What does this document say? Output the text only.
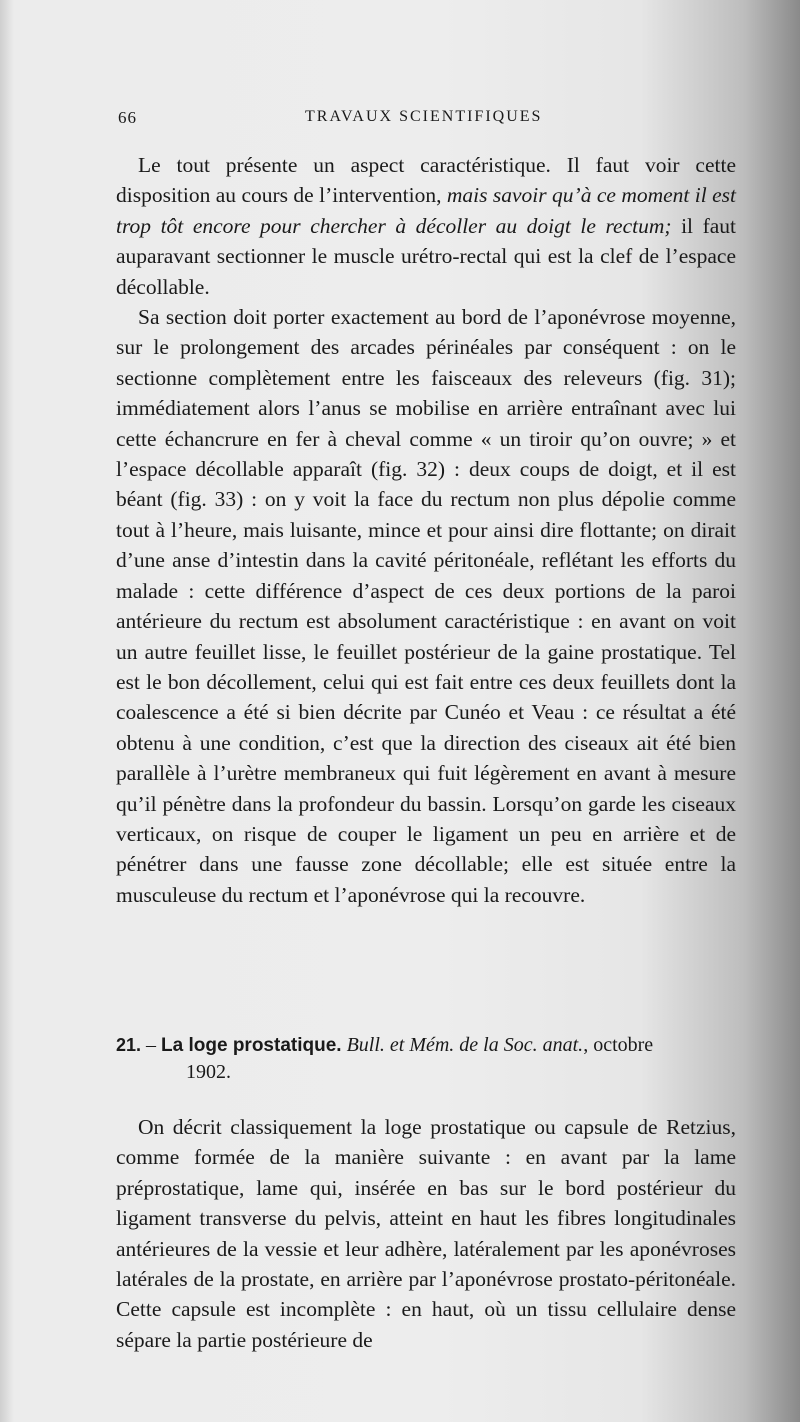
66	TRAVAUX SCIENTIFIQUES

Le tout présente un aspect caractéristique. Il faut voir cette disposition au cours de l’intervention, mais savoir qu’à ce moment il est trop tôt encore pour chercher à décoller au doigt le rectum; il faut auparavant sectionner le muscle urétro-rectal qui est la clef de l’espace décollable.

Sa section doit porter exactement au bord de l’aponévrose moyenne, sur le prolongement des arcades périnéales par conséquent : on le sectionne complètement entre les faisceaux des releveurs (fig. 31); immédiatement alors l’anus se mobilise en arrière entraînant avec lui cette échancrure en fer à cheval comme « un tiroir qu’on ouvre; » et l’espace décollable apparaît (fig. 32) : deux coups de doigt, et il est béant (fig. 33) : on y voit la face du rectum non plus dépolie comme tout à l’heure, mais luisante, mince et pour ainsi dire flottante; on dirait d’une anse d’intestin dans la cavité péritonéale, reflétant les efforts du malade : cette différence d’aspect de ces deux portions de la paroi antérieure du rectum est absolument caractéristique : en avant on voit un autre feuillet lisse, le feuillet postérieur de la gaine prostatique. Tel est le bon décollement, celui qui est fait entre ces deux feuillets dont la coalescence a été si bien décrite par Cunéo et Veau : ce résultat a été obtenu à une condition, c’est que la direction des ciseaux ait été bien parallèle à l’urètre membraneux qui fuit légèrement en avant à mesure qu’il pénètre dans la profondeur du bassin. Lorsqu’on garde les ciseaux verticaux, on risque de couper le ligament un peu en arrière et de pénétrer dans une fausse zone décollable; elle est située entre la musculeuse du rectum et l’aponévrose qui la recouvre.

21. – La loge prostatique. Bull. et Mém. de la Soc. anat., octobre
1902.

On décrit classiquement la loge prostatique ou capsule de Retzius, comme formée de la manière suivante : en avant par la lame préprostatique, lame qui, insérée en bas sur le bord postérieur du ligament transverse du pelvis, atteint en haut les fibres longitudinales antérieures de la vessie et leur adhère, latéralement par les aponévroses latérales de la prostate, en arrière par l’aponévrose prostato-péritonéale. Cette capsule est incomplète : en haut, où un tissu cellulaire dense sépare la partie postérieure de
